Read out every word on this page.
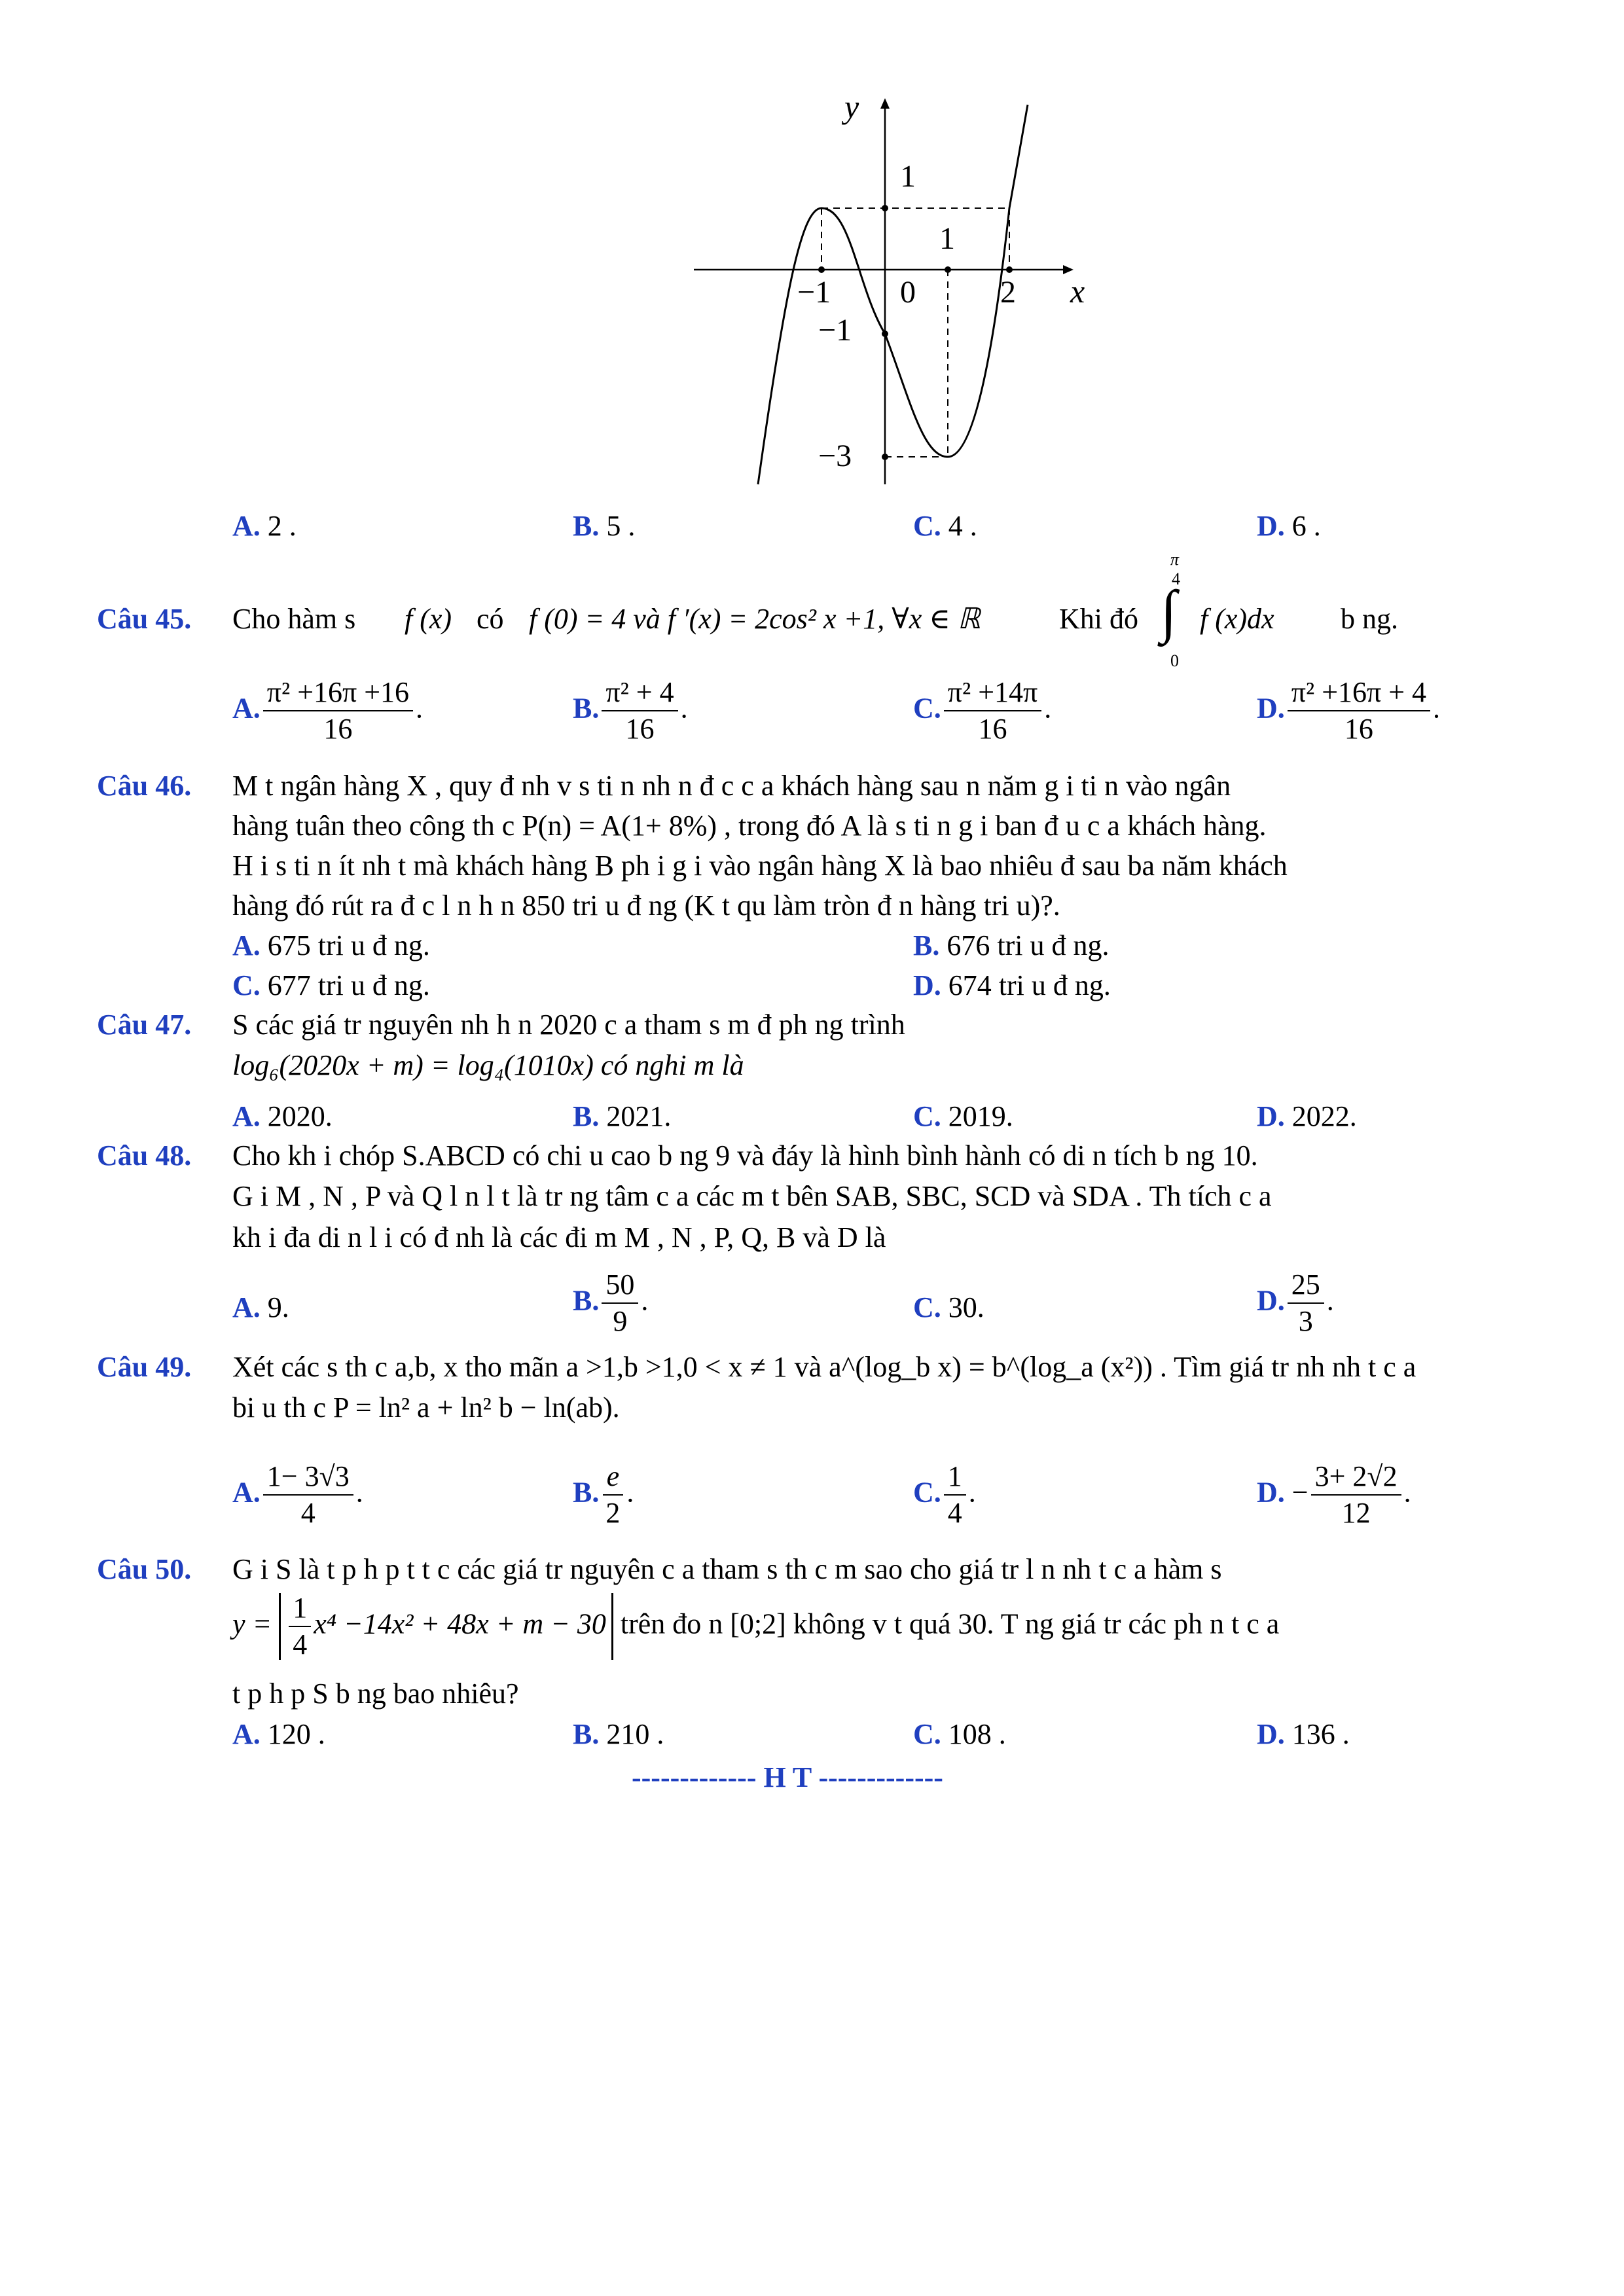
y
x
1
1
−1 0	2
−1
−3
A. 2 .	B. 5 .	C. 4 .	D. 6 .
Câu 45. Cho hàm s f (x) có f (0) = 4 và f ′(x) = 2cos² x +1, ∀x ∈ ℝ	Khi đó
π
4
∫
0
f (x)dx b ng.
A. $\frac{\text{π² +16π +16}}{16}$ .	B. $\frac{\text{π² + 4}}{16}$ .	C. $\frac{\text{π² +14π}}{16}$ .	D. $\frac{\text{π² +16π + 4}}{16}$ .
Câu 46. M t ngân hàng X , quy đ nh v s ti n nh n đ c c a khách hàng sau n năm g i ti n vào ngân
hàng tuân theo công th c P(n) = A(1+ 8%) , trong đó A là s ti n g i ban đ u c a khách hàng.
H i s ti n ít nh t mà khách hàng B ph i g i vào ngân hàng X là bao nhiêu đ sau ba năm khách
hàng đó rút ra đ c l n h n 850 tri u đ ng (K t qu làm tròn đ n hàng tri u)?.
A. 675 tri u đ ng.	B. 676 tri u đ ng.
C. 677 tri u đ ng.	D. 674 tri u đ ng.
Câu 47. S các giá tr nguyên nh h n 2020 c a tham s m đ ph ng trình
log₆(2020x + m) = log₄(1010x) có nghi m là
A. 2020.	B. 2021.	C. 2019.	D. 2022.
Câu 48. Cho kh i chóp S.ABCD có chi u cao b ng 9 và đáy là hình bình hành có di n tích b ng 10.
G i M , N , P và Q l n l t là tr ng tâm c a các m t bên SAB, SBC, SCD và SDA . Th tích c a
kh i đa di n l i có đ nh là các đi m M , N , P, Q, B và D là
A. 9.	B. $\frac{50}{9}$ .	C. 30.	D. $\frac{25}{3}$ .
Câu 49. Xét các s th c a,b, x tho mãn a >1,b >1,0 < x ≠ 1 và a^(log_b x) = b^(log_a (x²)) . Tìm giá tr nh nh t c a
bi u th c P = ln² a + ln² b − ln(ab).
A. $\frac{1- 3√3}{4}$ .	B. $\frac{e}{2}$ .	C. $\frac{1}{4}$ .	D. − $\frac{3+ 2√2}{12}$ .
Câu 50. G i S là t p h p t t c các giá tr nguyên c a tham s th c m sao cho giá tr l n nh t c a hàm s
$y = \frac{1}{4} x^4 -14x^2 + 48x + m - 30$ trên đo n [0;2] không v t quá 30. T ng giá tr các ph n t c a
t p h p S b ng bao nhiêu?
A. 120 .	B. 210 .	C. 108 .	D. 136 .
------------- H T -------------
